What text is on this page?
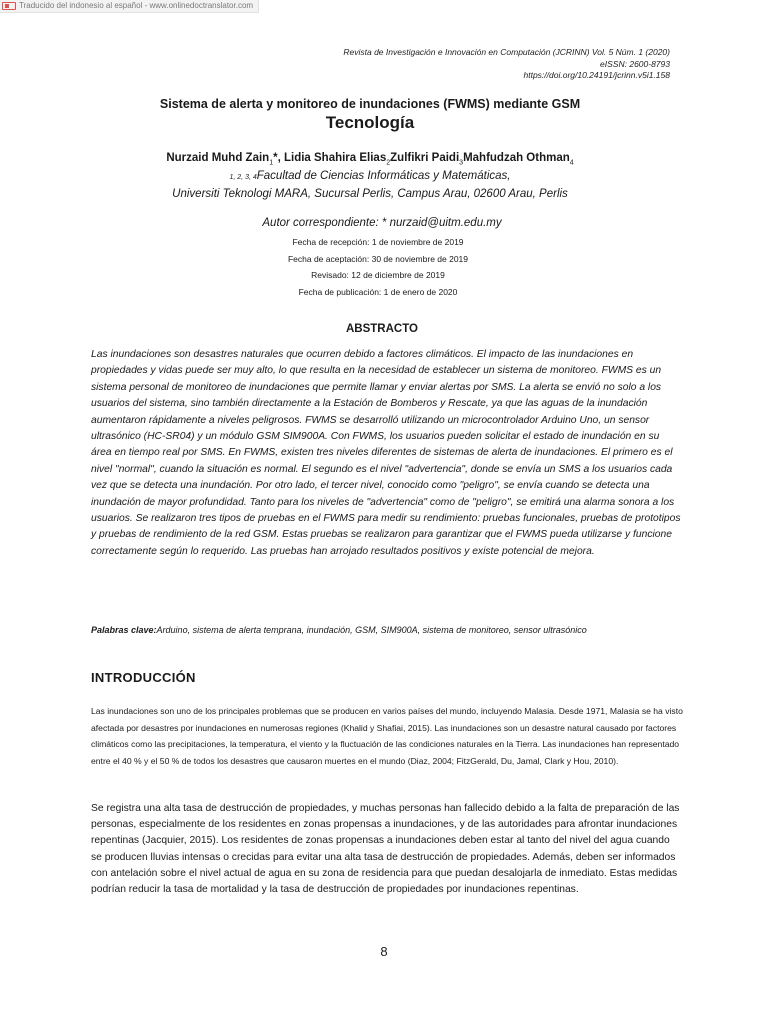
Traducido del indonesio al español - www.onlinedoctranslator.com
Revista de Investigación e Innovación en Computación (JCRINN) Vol. 5 Núm. 1 (2020)
eISSN: 2600-8793
https://doi.org/10.24191/jcrinn.v5i1.158
Sistema de alerta y monitoreo de inundaciones (FWMS) mediante GSM
Tecnología
Nurzaid Muhd Zain$_1$*, Lidia Shahira Elias$_2$Zulfikri Paidi$_3$Mahfudzah Othman$_4$
1, 2, 3, 4Facultad de Ciencias Informáticas y Matemáticas,
Universiti Teknologi MARA, Sucursal Perlis, Campus Arau, 02600 Arau, Perlis
Autor correspondiente: * nurzaid@uitm.edu.my
Fecha de recepción: 1 de noviembre de 2019
Fecha de aceptación: 30 de noviembre de 2019
Revisado: 12 de diciembre de 2019
Fecha de publicación: 1 de enero de 2020
ABSTRACTO
Las inundaciones son desastres naturales que ocurren debido a factores climáticos. El impacto de las inundaciones en propiedades y vidas puede ser muy alto, lo que resulta en la necesidad de establecer un sistema de monitoreo. FWMS es un sistema personal de monitoreo de inundaciones que permite llamar y enviar alertas por SMS. La alerta se envió no solo a los usuarios del sistema, sino también directamente a la Estación de Bomberos y Rescate, ya que las aguas de la inundación aumentaron rápidamente a niveles peligrosos. FWMS se desarrolló utilizando un microcontrolador Arduino Uno, un sensor ultrasónico (HC-SR04) y un módulo GSM SIM900A. Con FWMS, los usuarios pueden solicitar el estado de inundación en su área en tiempo real por SMS. En FWMS, existen tres niveles diferentes de sistemas de alerta de inundaciones. El primero es el nivel "normal", cuando la situación es normal. El segundo es el nivel "advertencia", donde se envía un SMS a los usuarios cada vez que se detecta una inundación. Por otro lado, el tercer nivel, conocido como "peligro", se envía cuando se detecta una inundación de mayor profundidad. Tanto para los niveles de "advertencia" como de "peligro", se emitirá una alarma sonora a los usuarios. Se realizaron tres tipos de pruebas en el FWMS para medir su rendimiento: pruebas funcionales, pruebas de prototipos y pruebas de rendimiento de la red GSM. Estas pruebas se realizaron para garantizar que el FWMS pueda utilizarse y funcione correctamente según lo requerido. Las pruebas han arrojado resultados positivos y existe potencial de mejora.
Palabras clave:Arduino, sistema de alerta temprana, inundación, GSM, SIM900A, sistema de monitoreo, sensor ultrasónico
INTRODUCCIÓN
Las inundaciones son uno de los principales problemas que se producen en varios países del mundo, incluyendo Malasia. Desde 1971, Malasia se ha visto afectada por desastres por inundaciones en numerosas regiones (Khalid y Shafiai, 2015). Las inundaciones son un desastre natural causado por factores climáticos como las precipitaciones, la temperatura, el viento y la fluctuación de las condiciones naturales en la Tierra. Las inundaciones han representado entre el 40 % y el 50 % de todos los desastres que causaron muertes en el mundo (Diaz, 2004; FitzGerald, Du, Jamal, Clark y Hou, 2010).
Se registra una alta tasa de destrucción de propiedades, y muchas personas han fallecido debido a la falta de preparación de las personas, especialmente de los residentes en zonas propensas a inundaciones, y de las autoridades para afrontar inundaciones repentinas (Jacquier, 2015). Los residentes de zonas propensas a inundaciones deben estar al tanto del nivel del agua cuando se producen lluvias intensas o crecidas para evitar una alta tasa de destrucción de propiedades. Además, deben ser informados con antelación sobre el nivel actual de agua en su zona de residencia para que puedan desalojarla de inmediato. Estas medidas podrían reducir la tasa de mortalidad y la tasa de destrucción de propiedades por inundaciones repentinas.
8
